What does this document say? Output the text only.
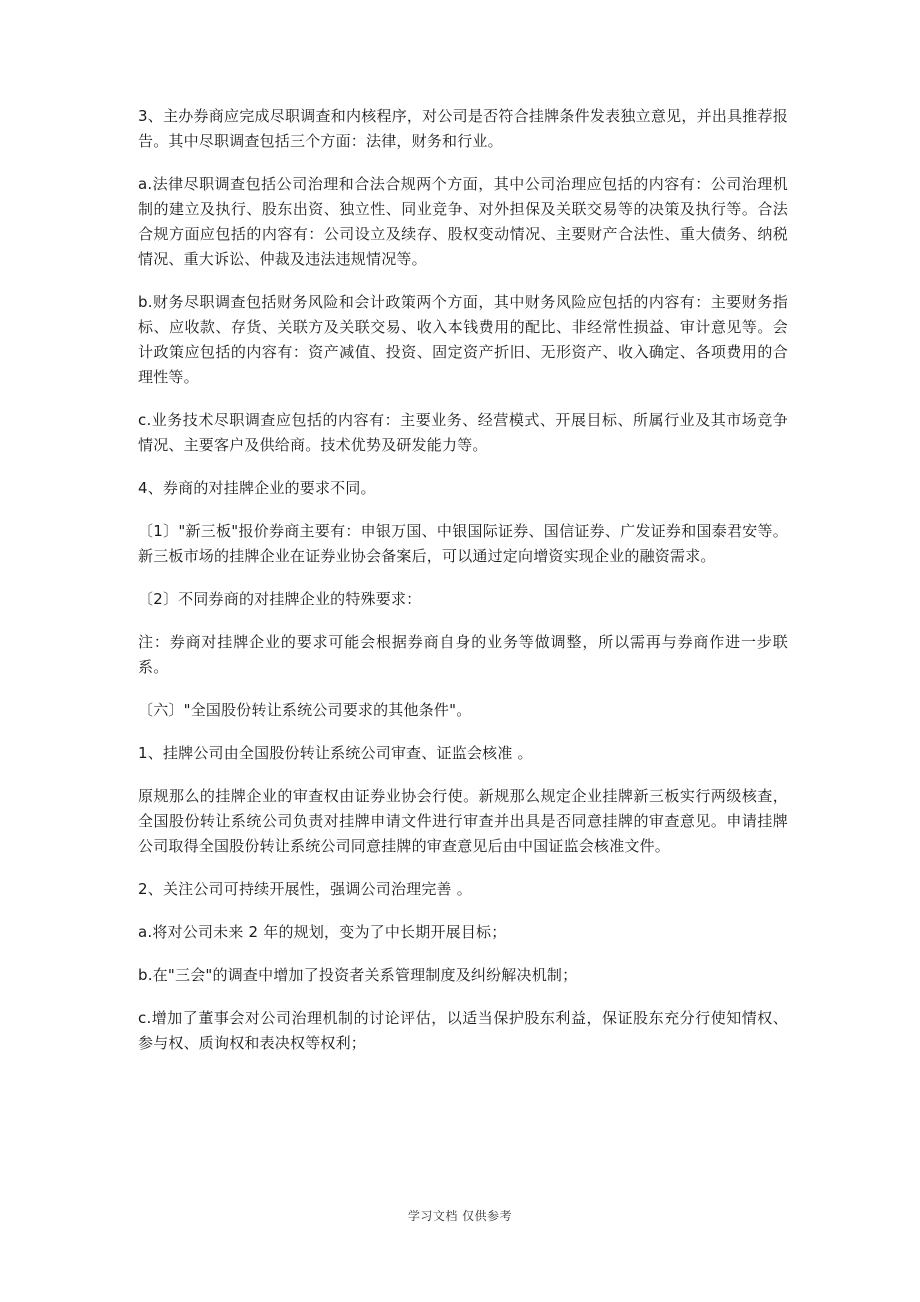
3、主办券商应完成尽职调查和内核程序，对公司是否符合挂牌条件发表独立意见，并出具推荐报告。其中尽职调查包括三个方面：法律，财务和行业。

a.法律尽职调查包括公司治理和合法合规两个方面，其中公司治理应包括的内容有：公司治理机制的建立及执行、股东出资、独立性、同业竞争、对外担保及关联交易等的决策及执行等。合法合规方面应包括的内容有：公司设立及续存、股权变动情况、主要财产合法性、重大债务、纳税情况、重大诉讼、仲裁及违法违规情况等。

b.财务尽职调查包括财务风险和会计政策两个方面，其中财务风险应包括的内容有：主要财务指标、应收款、存货、关联方及关联交易、收入本钱费用的配比、非经常性损益、审计意见等。会计政策应包括的内容有：资产减值、投资、固定资产折旧、无形资产、收入确定、各项费用的合理性等。

c.业务技术尽职调查应包括的内容有：主要业务、经营模式、开展目标、所属行业及其市场竞争情况、主要客户及供给商。技术优势及研发能力等。

4、券商的对挂牌企业的要求不同。

〔1〕"新三板"报价券商主要有：申银万国、中银国际证券、国信证券、广发证券和国泰君安等。新三板市场的挂牌企业在证券业协会备案后，可以通过定向增资实现企业的融资需求。

〔2〕不同券商的对挂牌企业的特殊要求：

注：券商对挂牌企业的要求可能会根据券商自身的业务等做调整，所以需再与券商作进一步联系。

〔六〕"全国股份转让系统公司要求的其他条件"。

1、挂牌公司由全国股份转让系统公司审查、证监会核准 。

原规那么的挂牌企业的审查权由证券业协会行使。新规那么规定企业挂牌新三板实行两级核查，全国股份转让系统公司负责对挂牌申请文件进行审查并出具是否同意挂牌的审查意见。申请挂牌公司取得全国股份转让系统公司同意挂牌的审查意见后由中国证监会核准文件。

2、关注公司可持续开展性，强调公司治理完善 。

a.将对公司未来 2 年的规划，变为了中长期开展目标；

b.在"三会"的调查中增加了投资者关系管理制度及纠纷解决机制；

c.增加了董事会对公司治理机制的讨论评估，以适当保护股东利益，保证股东充分行使知情权、参与权、质询权和表决权等权利；

学习文档 仅供参考
